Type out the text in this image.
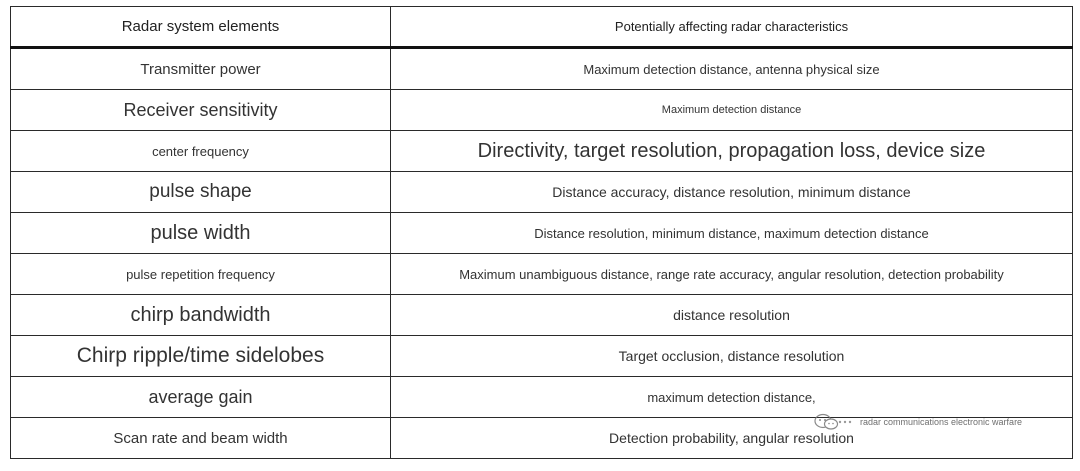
Radar system elements	Potentially affecting radar characteristics
Transmitter power	Maximum detection distance, antenna physical size
Receiver sensitivity	Maximum detection distance
center frequency	Directivity, target resolution, propagation loss, device size
pulse shape	Distance accuracy, distance resolution, minimum distance
pulse width	Distance resolution, minimum distance, maximum detection distance
pulse repetition frequency	Maximum unambiguous distance, range rate accuracy, angular resolution, detection probability
chirp bandwidth	distance resolution
Chirp ripple/time sidelobes	Target occlusion, distance resolution
average gain	maximum detection distance,
Scan rate and beam width	Detection probability, angular resolution
radar communications electronic warfare
